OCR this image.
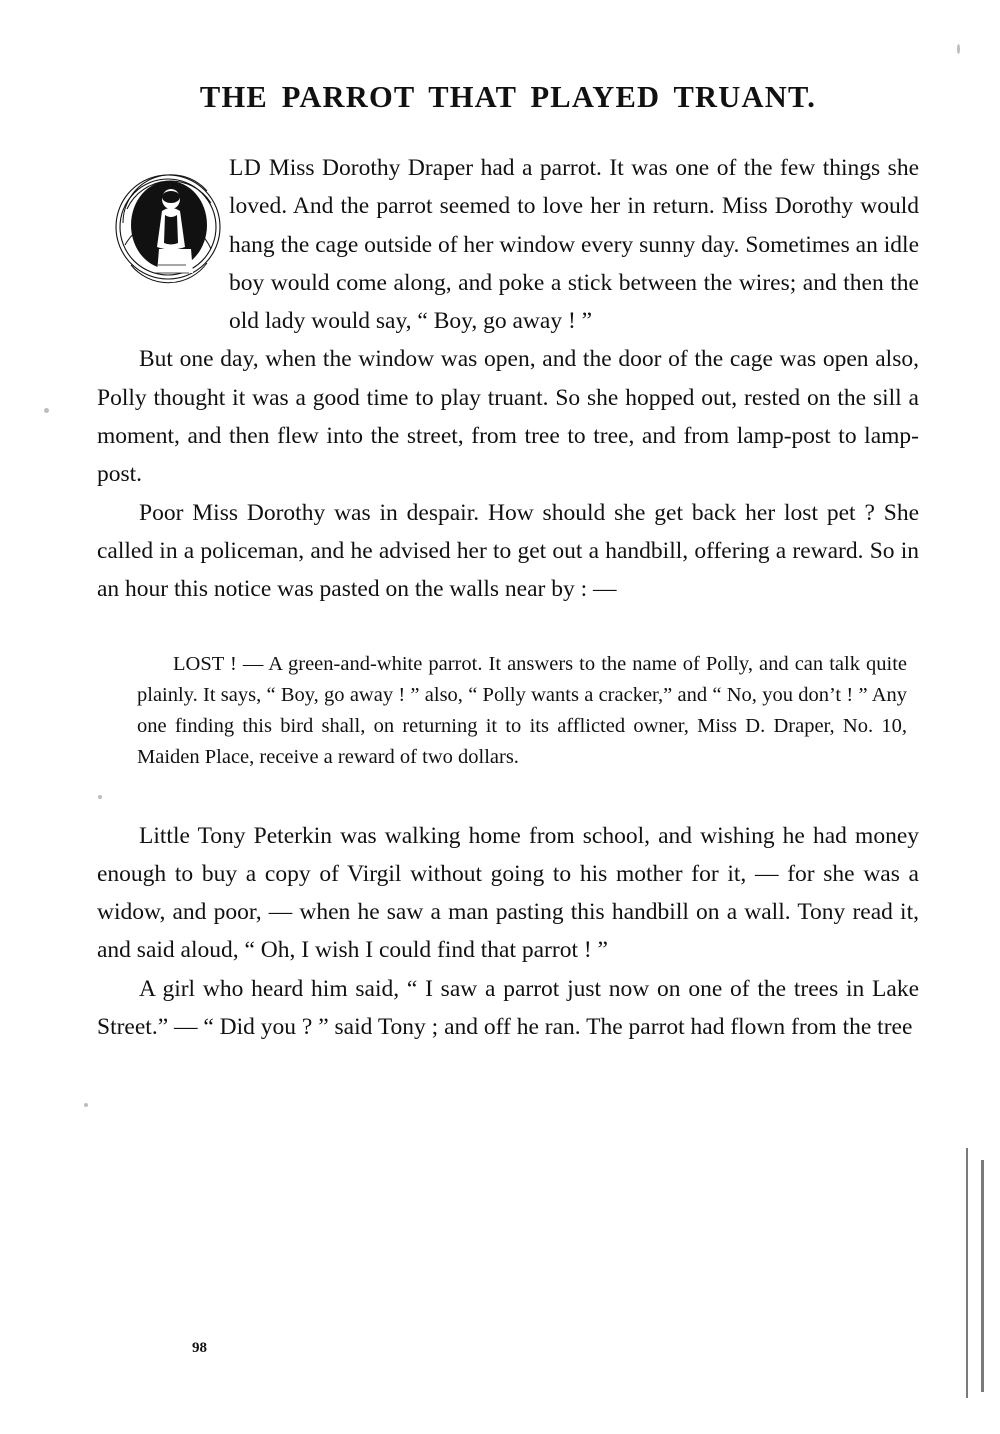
THE PARROT THAT PLAYED TRUANT.

LD Miss Dorothy Draper had a parrot. It was one of the few things she loved. And the parrot seemed to love her in return. Miss Dorothy would hang the cage outside of her window every sunny day. Sometimes an idle boy would come along, and poke a stick between the wires; and then the old lady would say, “ Boy, go away ! ”

But one day, when the window was open, and the door of the cage was open also, Polly thought it was a good time to play truant. So she hopped out, rested on the sill a moment, and then flew into the street, from tree to tree, and from lamp-post to lamp-post.

Poor Miss Dorothy was in despair. How should she get back her lost pet ? She called in a policeman, and he advised her to get out a handbill, offering a reward. So in an hour this notice was pasted on the walls near by : —

LOST ! — A green-and-white parrot. It answers to the name of Polly, and can talk quite plainly. It says, “ Boy, go away ! ” also, “ Polly wants a cracker,” and “ No, you don’t ! ” Any one finding this bird shall, on returning it to its afflicted owner, Miss D. Draper, No. 10, Maiden Place, receive a reward of two dollars.

Little Tony Peterkin was walking home from school, and wishing he had money enough to buy a copy of Virgil without going to his mother for it, — for she was a widow, and poor, — when he saw a man pasting this handbill on a wall. Tony read it, and said aloud, “ Oh, I wish I could find that parrot ! ”

A girl who heard him said, “ I saw a parrot just now on one of the trees in Lake Street.” — “ Did you ? ” said Tony ; and off he ran. The parrot had flown from the tree

98
